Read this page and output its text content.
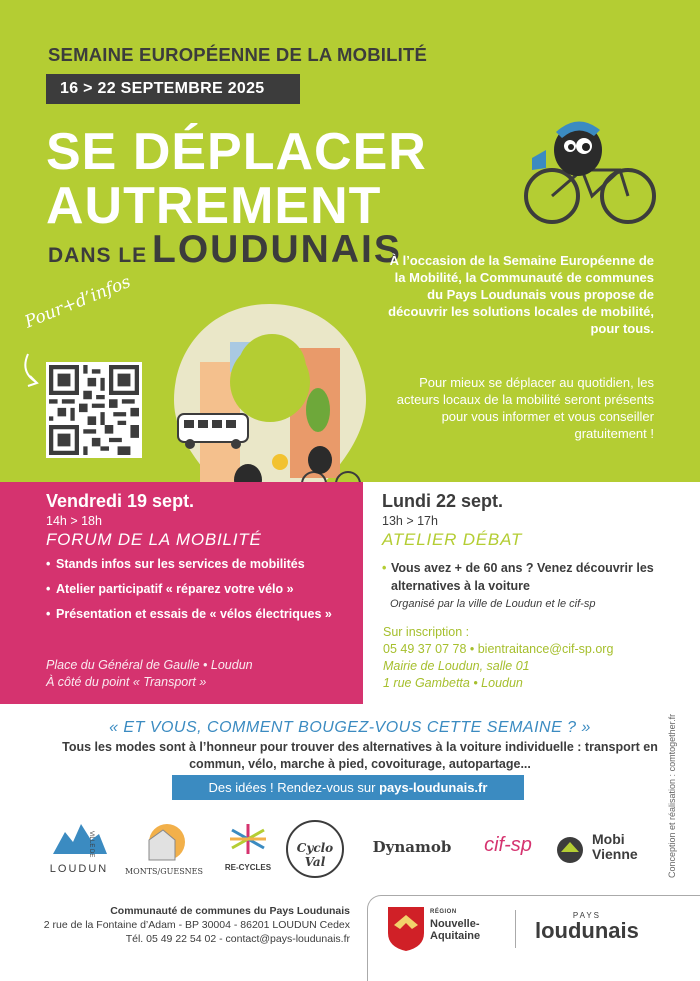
SEMAINE EUROPÉENNE DE LA MOBILITÉ
16 > 22 SEPTEMBRE 2025
SE DÉPLACER
AUTREMENT
DANS LE LOUDUNAIS
À l’occasion de la Semaine Européenne de la Mobilité, la Communauté de communes du Pays Loudunais vous propose de découvrir les solutions locales de mobilité, pour tous.
Pour mieux se déplacer au quotidien, les acteurs locaux de la mobilité seront présents pour vous informer et vous conseiller gratuitement !
Pour+d’infos
Vendredi 19 sept.
14h > 18h
FORUM DE LA MOBILITÉ
• Stands infos sur les services de mobilités
• Atelier participatif « réparez votre vélo »
• Présentation et essais de « vélos électriques »
Place du Général de Gaulle • Loudun
À côté du point « Transport »
Lundi 22 sept.
13h > 17h
ATELIER DÉBAT
• Vous avez + de 60 ans ? Venez découvrir les alternatives à la voiture
Organisé par la ville de Loudun et le cif-sp
Sur inscription :
05 49 37 07 78 • bientraitance@cif-sp.org
Mairie de Loudun, salle 01
1 rue Gambetta • Loudun
Conception et réalisation : comtogether.fr
« ET VOUS, COMMENT BOUGEZ-VOUS CETTE SEMAINE ? »
Tous les modes sont à l’honneur pour trouver des alternatives à la voiture individuelle : transport en commun, vélo, marche à pied, covoiturage, autopartage...
Des idées ! Rendez-vous sur pays-loudunais.fr
VILLE DE
LOUDUN	MONTS/GUESNES	RE-CYCLES
Cyclo Val
Dynamob	cif-sp	Mobi
Vienne
Communauté de communes du Pays Loudunais
2 rue de la Fontaine d’Adam - BP 30004 - 86201 LOUDUN Cedex
Tél. 05 49 22 54 02 - contact@pays-loudunais.fr
RÉGION
Nouvelle-
Aquitaine
PAYS
loudunais
